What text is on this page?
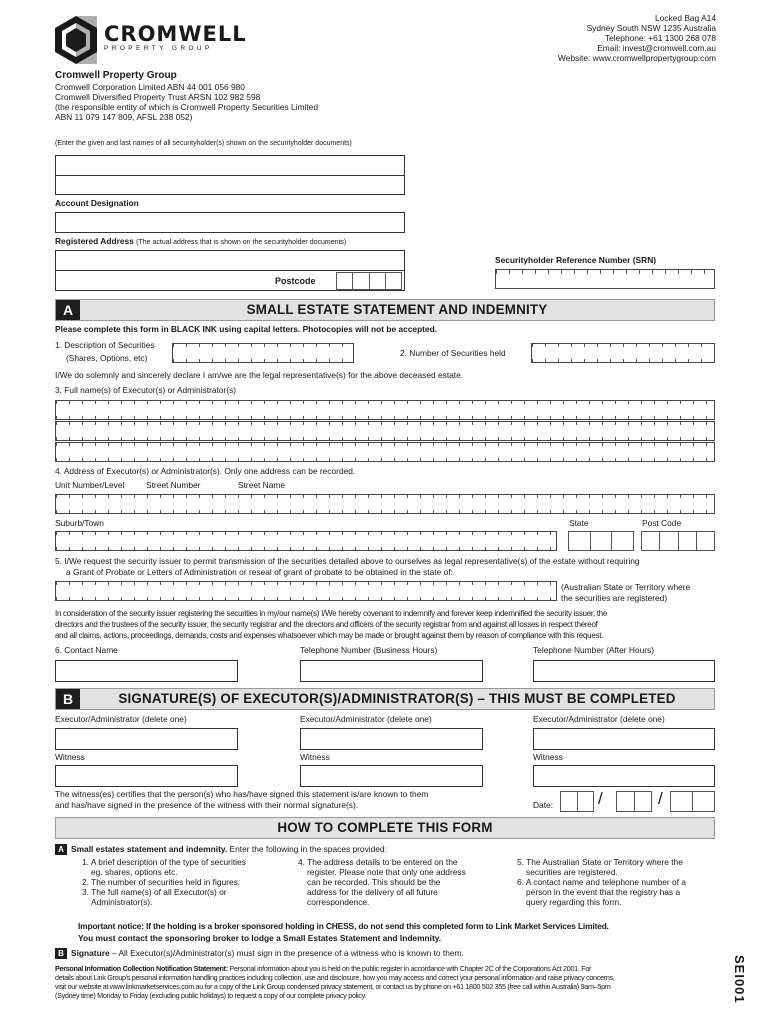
CROMWELL
PROPERTY GROUP
Cromwell Property Group
Cromwell Corporation Limited ABN 44 001 056 980
Cromwell Diversified Property Trust ARSN 102 982 598
(the responsible entity of which is Cromwell Property Securities Limited
ABN 11 079 147 809, AFSL 238 052)
Locked Bag A14
Sydney South NSW 1235 Australia
Telephone: +61 1300 268 078
Email: invest@cromwell.com.au
Website: www.cromwellpropertygroup.com
(Enter the given and last names of all securityholder(s) shown on the securityholder documents)
Account Designation
Registered Address (The actual address that is shown on the securityholder documents)
Postcode
Securityholder Reference Number (SRN)
A	SMALL ESTATE STATEMENT AND INDEMNITY
Please complete this form in BLACK INK using capital letters. Photocopies will not be accepted.
1. Description of Securities
(Shares, Options, etc)	2. Number of Securities held
I/We do solemnly and sincerely declare I am/we are the legal representative(s) for the above deceased estate.
3. Full name(s) of Executor(s) or Administrator(s)
4. Address of Executor(s) or Administrator(s). Only one address can be recorded.
Unit Number/Level	Street Number	Street Name
Suburb/Town	State	Post Code
5. I/We request the security issuer to permit transmission of the securities detailed above to ourselves as legal representative(s) of the estate without requiring
a Grant of Probate or Letters of Administration or reseal of grant of probate to be obtained in the state of:
(Australian State or Territory where
the securities are registered)
In consideration of the security issuer registering the securities in my/our name(s) I/We hereby covenant to indemnify and forever keep indemnified the security issuer, the
directors and the trustees of the security issuer, the security registrar and the directors and officers of the security registrar from and against all losses in respect thereof
and all claims, actions, proceedings, demands, costs and expenses whatsoever which may be made or brought against them by reason of compliance with this request.
6. Contact Name	Telephone Number (Business Hours)	Telephone Number (After Hours)
B	SIGNATURE(S) OF EXECUTOR(S)/ADMINISTRATOR(S) – THIS MUST BE COMPLETED
Executor/Administrator (delete one)	Executor/Administrator (delete one)	Executor/Administrator (delete one)
Witness	Witness	Witness
The witness(es) certifies that the person(s) who has/have signed this statement is/are known to them
and has/have signed in the presence of the witness with their normal signature(s).	Date:	/	/
HOW TO COMPLETE THIS FORM
A Small estates statement and indemnity. Enter the following in the spaces provided:
1. A brief description of the type of securities
eg. shares, options etc.
2. The number of securities held in figures.
3. The full name(s) of all Executor(s) or
Administrator(s).
4. The address details to be entered on the
register. Please note that only one address
can be recorded. This should be the
address for the delivery of all future
correspondence.
5. The Australian State or Territory where the
securities are registered.
6. A contact name and telephone number of a
person in the event that the registry has a
query regarding this form.
Important notice: If the holding is a broker sponsored holding in CHESS, do not send this completed form to Link Market Services Limited.
You must contact the sponsoring broker to lodge a Small Estates Statement and Indemnity.
B Signature – All Executor(s)/Administrator(s) must sign in the presence of a witness who is known to them.
Personal Information Collection Notification Statement: Personal information about you is held on the public register in accordance with Chapter 2C of the Corporations Act 2001. For
details about Link Group's personal information handling practices including collection, use and disclosure, how you may access and correct your personal information and raise privacy concerns,
visit our website at www.linkmarketservices.com.au for a copy of the Link Group condensed privacy statement, or contact us by phone on +61 1800 502 355 (free call within Australia) 9am–5pm
(Sydney time) Monday to Friday (excluding public holidays) to request a copy of our complete privacy policy.	SEI001
